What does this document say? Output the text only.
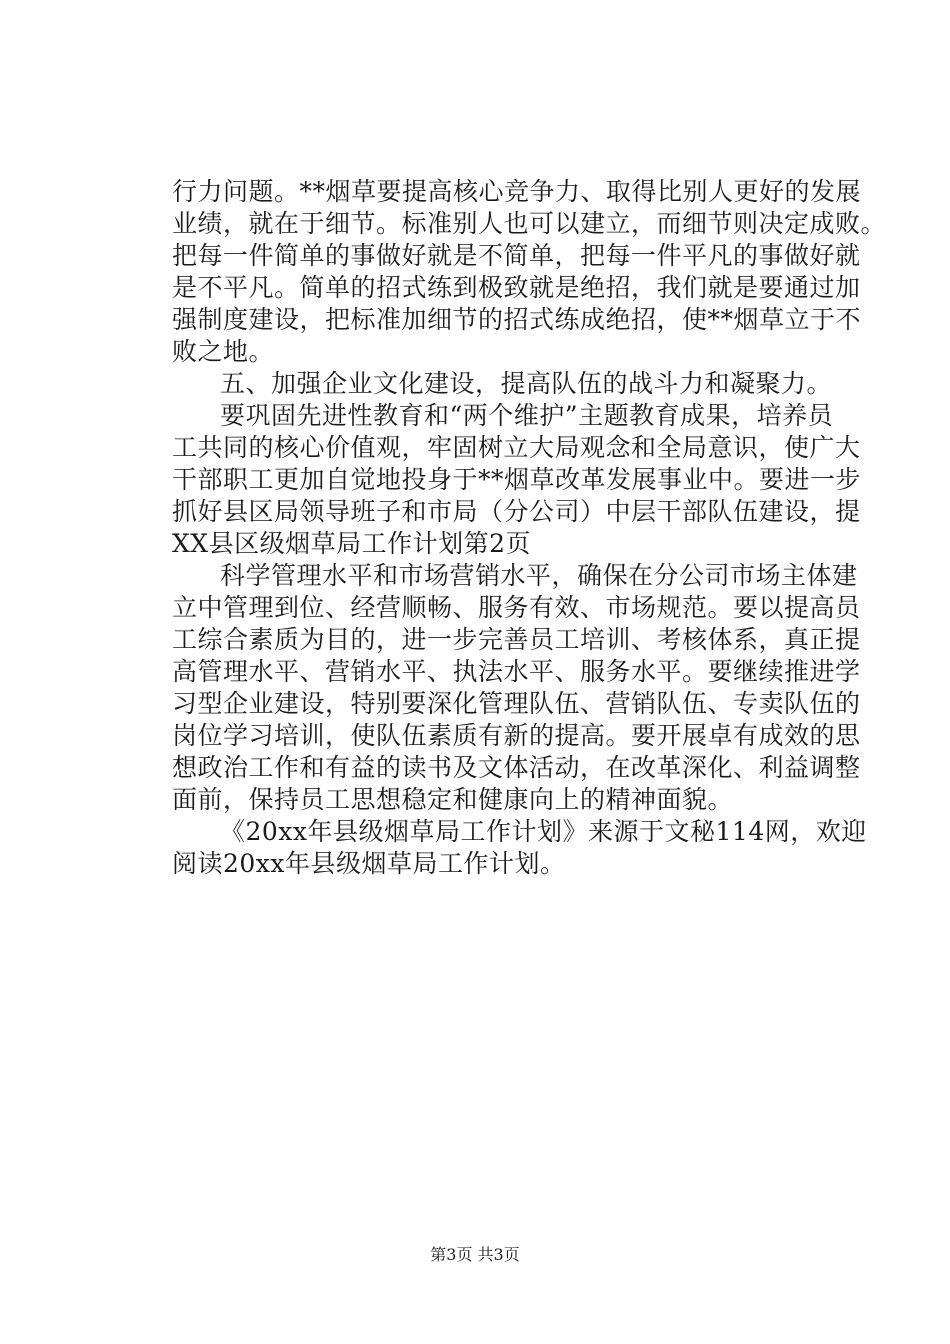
行力问题。**烟草要提高核心竞争力、取得比别人更好的发展
业绩，就在于细节。标准别人也可以建立，而细节则决定成败。
把每一件简单的事做好就是不简单，把每一件平凡的事做好就
是不平凡。简单的招式练到极致就是绝招，我们就是要通过加
强制度建设，把标准加细节的招式练成绝招，使**烟草立于不
败之地。
五、加强企业文化建设，提高队伍的战斗力和凝聚力。
要巩固先进性教育和“两个维护”主题教育成果，培养员
工共同的核心价值观，牢固树立大局观念和全局意识，使广大
干部职工更加自觉地投身于**烟草改革发展事业中。要进一步
抓好县区局领导班子和市局（分公司）中层干部队伍建设，提
XX县区级烟草局工作计划第2页
科学管理水平和市场营销水平，确保在分公司市场主体建
立中管理到位、经营顺畅、服务有效、市场规范。要以提高员
工综合素质为目的，进一步完善员工培训、考核体系，真正提
高管理水平、营销水平、执法水平、服务水平。要继续推进学
习型企业建设，特别要深化管理队伍、营销队伍、专卖队伍的
岗位学习培训，使队伍素质有新的提高。要开展卓有成效的思
想政治工作和有益的读书及文体活动，在改革深化、利益调整
面前，保持员工思想稳定和健康向上的精神面貌。
《20xx年县级烟草局工作计划》来源于文秘114网，欢迎
阅读20xx年县级烟草局工作计划。
第3页 共3页
